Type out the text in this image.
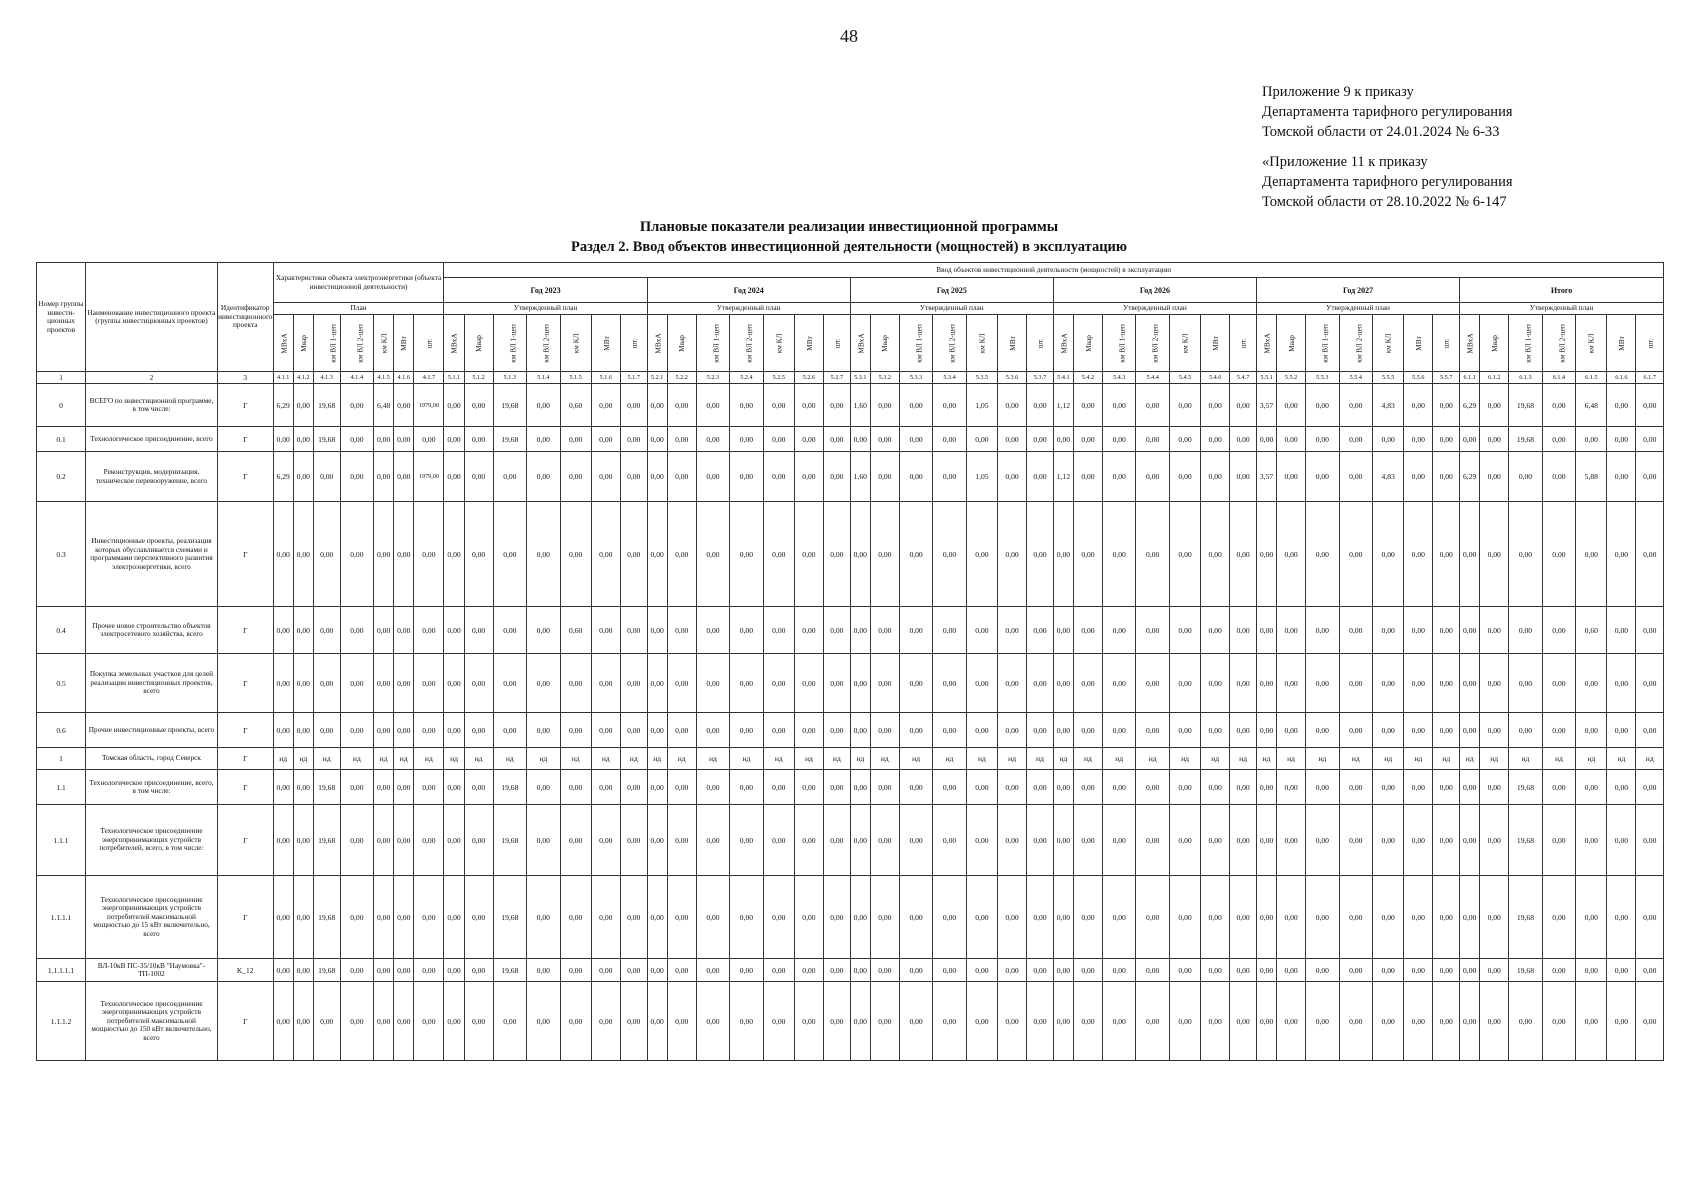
48
Приложение 9 к приказу
Департамента тарифного регулирования
Томской области от 24.01.2024 № 6-33
«Приложение 11 к приказу
Департамента тарифного регулирования
Томской области от 28.10.2022 № 6-147
Плановые показатели реализации инвестиционной программы
Раздел 2. Ввод объектов инвестиционной деятельности (мощностей) в эксплуатацию
Номер группы инвести-ционных проектов	Наименование инвестиционного проекта (группы инвестиционных проектов)	Идентификатор инвестиционного проекта	Характеристики объекта электроэнергетики (объекта инвестиционной деятельности)							Ввод объектов инвестиционной деятельности (мощностей) в эксплуатацию																																									
										Год 2023							Год 2024							Год 2025							Год 2026							Год 2027							Итого						
			План							Утвержденный план							Утвержденный план							Утвержденный план							Утвержденный план							Утвержденный план							Утвержденный план						
			МВхА	Мвар	км ВЛ 1-цеп	км ВЛ 2-цеп	км КЛ	МВт	шт.	МВхА	Мвар	км ВЛ 1-цеп	км ВЛ 2-цеп	км КЛ	МВт	шт.	МВхА	Мвар	км ВЛ 1-цеп	км ВЛ 2-цеп	км КЛ	МВт	шт.	МВхА	Мвар	км ВЛ 1-цеп	км ВЛ 2-цеп	км КЛ	МВт	шт.	МВхА	Мвар	км ВЛ 1-цеп	км ВЛ 2-цеп	км КЛ	МВт	шт.	МВхА	Мвар	км ВЛ 1-цеп	км ВЛ 2-цеп	км КЛ	МВт	шт.	МВхА	Мвар	км ВЛ 1-цеп	км ВЛ 2-цеп	км КЛ	МВт	шт.
1	2	3	4.1.1	4.1.2	4.1.3	4.1.4	4.1.5	4.1.6	4.1.7	5.1.1	5.1.2	5.1.3	5.1.4	5.1.5	5.1.6	5.1.7	5.2.1	5.2.2	5.2.3	5.2.4	5.2.5	5.2.6	5.2.7	5.3.1	5.3.2	5.3.3	5.3.4	5.3.5	5.3.6	5.3.7	5.4.1	5.4.2	5.4.3	5.4.4	5.4.5	5.4.6	5.4.7	5.5.1	5.5.2	5.5.3	5.5.4	5.5.5	5.5.6	5.5.7	6.1.1	6.1.2	6.1.3	6.1.4	6.1.5	6.1.6	6.1.7
0	ВСЕГО по инвестиционной программе, в том числе:	Г	6,29	0,00	19,68	0,00	6,48	0,00	1979,00	0,00	0,00	19,68	0,00	0,60	0,00	0,00	0,00	0,00	0,00	0,00	0,00	0,00	0,00	1,60	0,00	0,00	0,00	1,05	0,00	0,00	1,12	0,00	0,00	0,00	0,00	0,00	0,00	3,57	0,00	0,00	0,00	4,83	0,00	0,00	6,29	0,00	19,68	0,00	6,48	0,00	0,00
0.1	Технологическое присоединение, всего	Г	0,00	0,00	19,68	0,00	0,00	0,00	0,00	0,00	0,00	19,68	0,00	0,00	0,00	0,00	0,00	0,00	0,00	0,00	0,00	0,00	0,00	0,00	0,00	0,00	0,00	0,00	0,00	0,00	0,00	0,00	0,00	0,00	0,00	0,00	0,00	0,00	0,00	0,00	0,00	0,00	0,00	0,00	0,00	0,00	19,68	0,00	0,00	0,00	0,00
0.2	Реконструкция, модернизация, техническое перевооружение, всего	Г	6,29	0,00	0,00	0,00	0,00	0,00	1979,00	0,00	0,00	0,00	0,00	0,00	0,00	0,00	0,00	0,00	0,00	0,00	0,00	0,00	0,00	1,60	0,00	0,00	0,00	1,05	0,00	0,00	1,12	0,00	0,00	0,00	0,00	0,00	0,00	3,57	0,00	0,00	0,00	4,83	0,00	0,00	6,29	0,00	0,00	0,00	5,88	0,00	0,00
0.3	Инвестиционные проекты, реализация которых обуславливается схемами и программами перспективного развития электроэнергетики, всего	Г	0,00	0,00	0,00	0,00	0,00	0,00	0,00	0,00	0,00	0,00	0,00	0,00	0,00	0,00	0,00	0,00	0,00	0,00	0,00	0,00	0,00	0,00	0,00	0,00	0,00	0,00	0,00	0,00	0,00	0,00	0,00	0,00	0,00	0,00	0,00	0,00	0,00	0,00	0,00	0,00	0,00	0,00	0,00	0,00	0,00	0,00	0,00	0,00	0,00
0.4	Прочее новое строительство объектов электросетевого хозяйства, всего	Г	0,00	0,00	0,00	0,00	0,00	0,00	0,00	0,00	0,00	0,00	0,00	0,60	0,00	0,00	0,00	0,00	0,00	0,00	0,00	0,00	0,00	0,00	0,00	0,00	0,00	0,00	0,00	0,00	0,00	0,00	0,00	0,00	0,00	0,00	0,00	0,00	0,00	0,00	0,00	0,00	0,00	0,00	0,00	0,00	0,00	0,00	0,60	0,00	0,00
0.5	Покупка земельных участков для целей реализации инвестиционных проектов, всего	Г	0,00	0,00	0,00	0,00	0,00	0,00	0,00	0,00	0,00	0,00	0,00	0,00	0,00	0,00	0,00	0,00	0,00	0,00	0,00	0,00	0,00	0,00	0,00	0,00	0,00	0,00	0,00	0,00	0,00	0,00	0,00	0,00	0,00	0,00	0,00	0,00	0,00	0,00	0,00	0,00	0,00	0,00	0,00	0,00	0,00	0,00	0,00	0,00	0,00
0.6	Прочие инвестиционные проекты, всего	Г	0,00	0,00	0,00	0,00	0,00	0,00	0,00	0,00	0,00	0,00	0,00	0,00	0,00	0,00	0,00	0,00	0,00	0,00	0,00	0,00	0,00	0,00	0,00	0,00	0,00	0,00	0,00	0,00	0,00	0,00	0,00	0,00	0,00	0,00	0,00	0,00	0,00	0,00	0,00	0,00	0,00	0,00	0,00	0,00	0,00	0,00	0,00	0,00	0,00
1	Томская область, город Северск	Г	нд	нд	нд	нд	нд	нд	нд	нд	нд	нд	нд	нд	нд	нд	нд	нд	нд	нд	нд	нд	нд	нд	нд	нд	нд	нд	нд	нд	нд	нд	нд	нд	нд	нд	нд	нд	нд	нд	нд	нд	нд	нд	нд	нд	нд	нд	нд	нд	нд
1.1	Технологическое присоединение, всего, в том числе:	Г	0,00	0,00	19,68	0,00	0,00	0,00	0,00	0,00	0,00	19,68	0,00	0,00	0,00	0,00	0,00	0,00	0,00	0,00	0,00	0,00	0,00	0,00	0,00	0,00	0,00	0,00	0,00	0,00	0,00	0,00	0,00	0,00	0,00	0,00	0,00	0,00	0,00	0,00	0,00	0,00	0,00	0,00	0,00	0,00	19,68	0,00	0,00	0,00	0,00
1.1.1	Технологическое присоединение энергопринимающих устройств потребителей, всего, в том числе:	Г	0,00	0,00	19,68	0,00	0,00	0,00	0,00	0,00	0,00	19,68	0,00	0,00	0,00	0,00	0,00	0,00	0,00	0,00	0,00	0,00	0,00	0,00	0,00	0,00	0,00	0,00	0,00	0,00	0,00	0,00	0,00	0,00	0,00	0,00	0,00	0,00	0,00	0,00	0,00	0,00	0,00	0,00	0,00	0,00	19,68	0,00	0,00	0,00	0,00
1.1.1.1	Технологическое присоединение энергопринимающих устройств потребителей максимальной мощностью до 15 кВт включительно, всего	Г	0,00	0,00	19,68	0,00	0,00	0,00	0,00	0,00	0,00	19,68	0,00	0,00	0,00	0,00	0,00	0,00	0,00	0,00	0,00	0,00	0,00	0,00	0,00	0,00	0,00	0,00	0,00	0,00	0,00	0,00	0,00	0,00	0,00	0,00	0,00	0,00	0,00	0,00	0,00	0,00	0,00	0,00	0,00	0,00	19,68	0,00	0,00	0,00	0,00
1.1.1.1.1	ВЛ-10кВ ПС-35/10кВ "Наумовка"-ТП-1002	K_12	0,00	0,00	19,68	0,00	0,00	0,00	0,00	0,00	0,00	19,68	0,00	0,00	0,00	0,00	0,00	0,00	0,00	0,00	0,00	0,00	0,00	0,00	0,00	0,00	0,00	0,00	0,00	0,00	0,00	0,00	0,00	0,00	0,00	0,00	0,00	0,00	0,00	0,00	0,00	0,00	0,00	0,00	0,00	0,00	19,68	0,00	0,00	0,00	0,00
1.1.1.2	Технологическое присоединение энергопринимающих устройств потребителей максимальной мощностью до 150 кВт включительно, всего	Г	0,00	0,00	0,00	0,00	0,00	0,00	0,00	0,00	0,00	0,00	0,00	0,00	0,00	0,00	0,00	0,00	0,00	0,00	0,00	0,00	0,00	0,00	0,00	0,00	0,00	0,00	0,00	0,00	0,00	0,00	0,00	0,00	0,00	0,00	0,00	0,00	0,00	0,00	0,00	0,00	0,00	0,00	0,00	0,00	0,00	0,00	0,00	0,00	0,00
